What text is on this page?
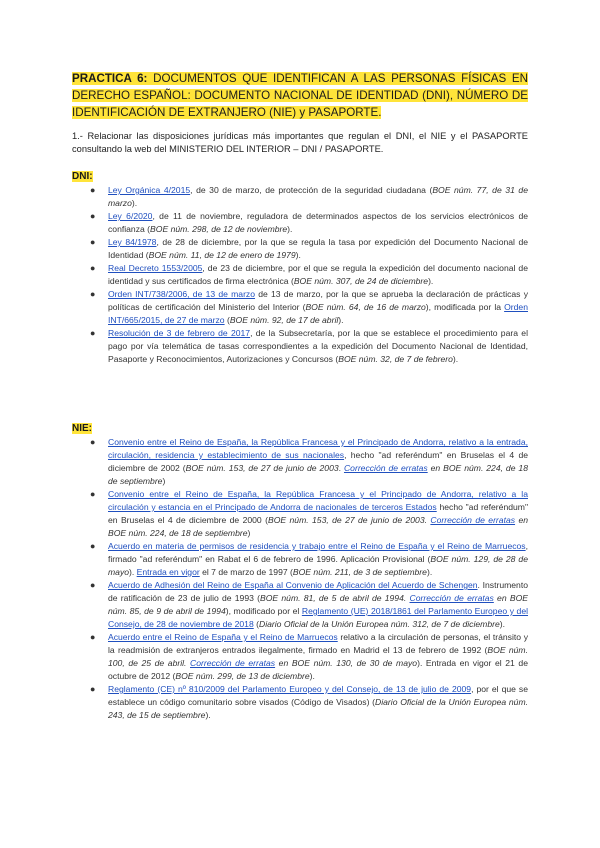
PRACTICA 6: DOCUMENTOS QUE IDENTIFICAN A LAS PERSONAS FÍSICAS EN DERECHO ESPAÑOL: DOCUMENTO NACIONAL DE IDENTIDAD (DNI), NÚMERO DE IDENTIFICACIÓN DE EXTRANJERO (NIE) y PASAPORTE.
1.- Relacionar las disposiciones jurídicas más importantes que regulan el DNI, el NIE y el PASAPORTE consultando la web del MINISTERIO DEL INTERIOR – DNI / PASAPORTE.
DNI:
● Ley Orgánica 4/2015, de 30 de marzo, de protección de la seguridad ciudadana (BOE núm. 77, de 31 de marzo).
● Ley 6/2020, de 11 de noviembre, reguladora de determinados aspectos de los servicios electrónicos de confianza (BOE núm. 298, de 12 de noviembre).
● Ley 84/1978, de 28 de diciembre, por la que se regula la tasa por expedición del Documento Nacional de Identidad (BOE núm. 11, de 12 de enero de 1979).
● Real Decreto 1553/2005, de 23 de diciembre, por el que se regula la expedición del documento nacional de identidad y sus certificados de firma electrónica (BOE núm. 307, de 24 de diciembre).
● Orden INT/738/2006, de 13 de marzo de 13 de marzo, por la que se aprueba la declaración de prácticas y políticas de certificación del Ministerio del Interior (BOE núm. 64, de 16 de marzo), modificada por la Orden INT/665/2015, de 27 de marzo (BOE núm. 92, de 17 de abril).
● Resolución de 3 de febrero de 2017, de la Subsecretaría, por la que se establece el procedimiento para el pago por vía telemática de tasas correspondientes a la expedición del Documento Nacional de Identidad, Pasaporte y Reconocimientos, Autorizaciones y Concursos (BOE núm. 32, de 7 de febrero).
NIE:
● Convenio entre el Reino de España, la República Francesa y el Principado de Andorra, relativo a la entrada, circulación, residencia y establecimiento de sus nacionales, hecho "ad referéndum" en Bruselas el 4 de diciembre de 2002 (BOE núm. 153, de 27 de junio de 2003. Corrección de erratas en BOE núm. 224, de 18 de septiembre)
● Convenio entre el Reino de España, la República Francesa y el Principado de Andorra, relativo a la circulación y estancia en el Principado de Andorra de nacionales de terceros Estados hecho "ad referéndum" en Bruselas el 4 de diciembre de 2000 (BOE núm. 153, de 27 de junio de 2003. Corrección de erratas en BOE núm. 224, de 18 de septiembre)
● Acuerdo en materia de permisos de residencia y trabajo entre el Reino de España y el Reino de Marruecos, firmado "ad referéndum" en Rabat el 6 de febrero de 1996. Aplicación Provisional (BOE núm. 129, de 28 de mayo). Entrada en vigor el 7 de marzo de 1997 (BOE núm. 211, de 3 de septiembre).
● Acuerdo de Adhesión del Reino de España al Convenio de Aplicación del Acuerdo de Schengen. Instrumento de ratificación de 23 de julio de 1993 (BOE núm. 81, de 5 de abril de 1994. Corrección de erratas en BOE núm. 85, de 9 de abril de 1994), modificado por el Reglamento (UE) 2018/1861 del Parlamento Europeo y del Consejo, de 28 de noviembre de 2018 (Diario Oficial de la Unión Europea núm. 312, de 7 de diciembre).
● Acuerdo entre el Reino de España y el Reino de Marruecos relativo a la circulación de personas, el tránsito y la readmisión de extranjeros entrados ilegalmente, firmado en Madrid el 13 de febrero de 1992 (BOE núm. 100, de 25 de abril. Corrección de erratas en BOE núm. 130, de 30 de mayo). Entrada en vigor el 21 de octubre de 2012 (BOE núm. 299, de 13 de diciembre).
● Reglamento (CE) nº 810/2009 del Parlamento Europeo y del Consejo, de 13 de julio de 2009, por el que se establece un código comunitario sobre visados (Código de Visados) (Diario Oficial de la Unión Europea núm. 243, de 15 de septiembre).
